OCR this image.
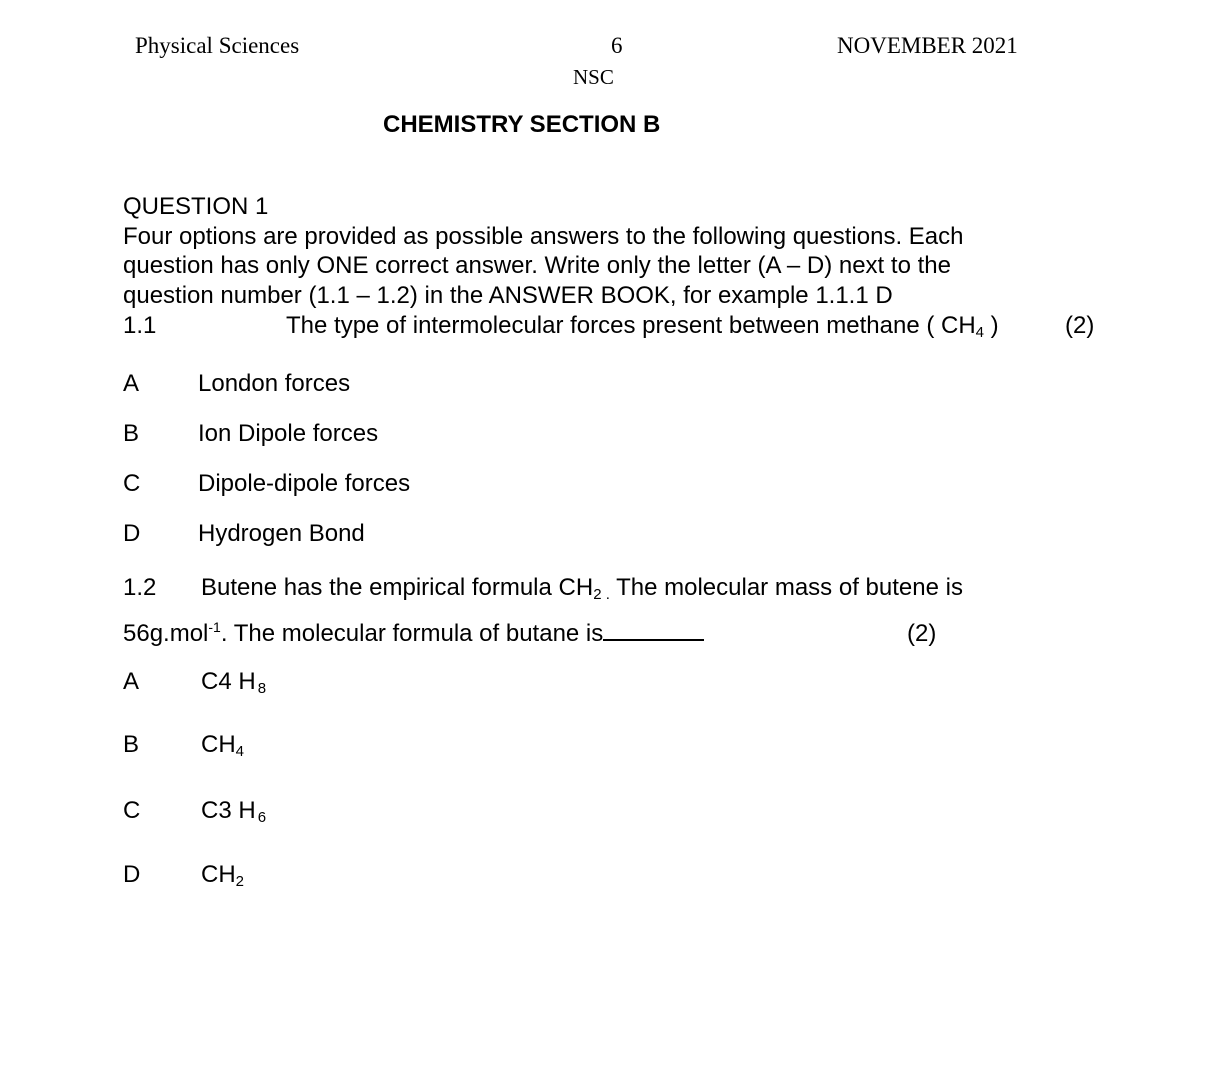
Physical Sciences	6
NSC
NOVEMBER 2021
CHEMISTRY SECTION B
QUESTION 1
Four options are provided as possible answers to the following questions. Each
question has only ONE correct answer. Write only the letter (A – D) next to the
question number (1.1 – 1.2) in the ANSWER BOOK, for example 1.1.1 D
1.1	The type of intermolecular forces present between methane ( $CH_4$ )	(2)
A London forces
B Ion Dipole forces
C Dipole-dipole forces
D Hydrogen Bond
1.2 Butene has the empirical formula $CH_{2 .}$ The molecular mass of butene is
56g.mol$^{-1}$. The molecular formula of butane is	(2)
A	C4 H  $_8$
B	$CH_4$
C	C3 H  $_6$
D	$CH_2$
